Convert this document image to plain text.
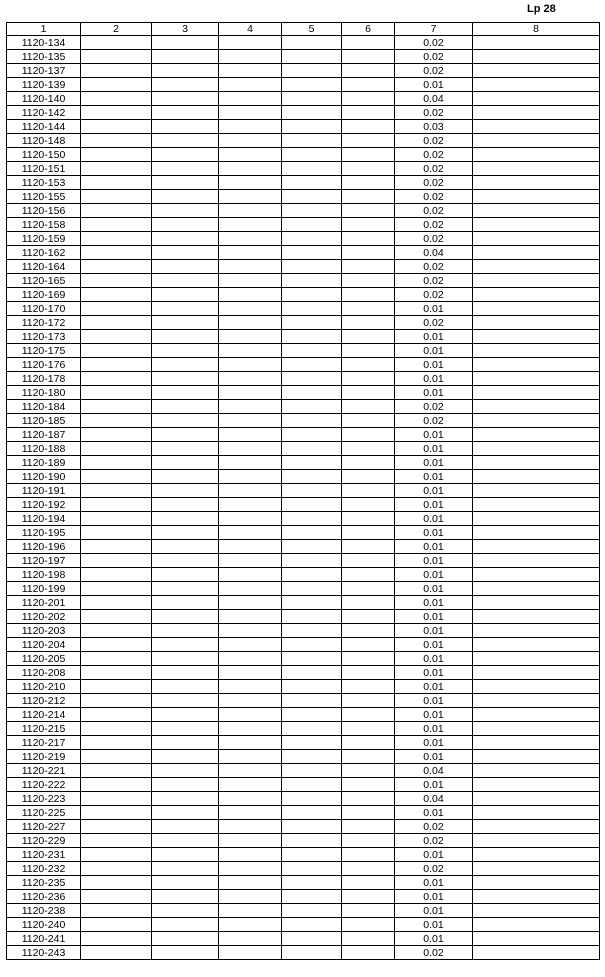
Lp 28
1	2	3	4	5	6	7	8
1120-134						0.02	
1120-135						0.02	
1120-137						0.02	
1120-139						0.01	
1120-140						0.04	
1120-142						0.02	
1120-144						0.03	
1120-148						0.02	
1120-150						0.02	
1120-151						0.02	
1120-153						0.02	
1120-155						0.02	
1120-156						0.02	
1120-158						0.02	
1120-159						0.02	
1120-162						0.04	
1120-164						0.02	
1120-165						0.02	
1120-169						0.02	
1120-170						0.01	
1120-172						0.02	
1120-173						0.01	
1120-175						0.01	
1120-176						0.01	
1120-178						0.01	
1120-180						0.01	
1120-184						0.02	
1120-185						0.02	
1120-187						0.01	
1120-188						0.01	
1120-189						0.01	
1120-190						0.01	
1120-191						0.01	
1120-192						0.01	
1120-194						0.01	
1120-195						0.01	
1120-196						0.01	
1120-197						0.01	
1120-198						0.01	
1120-199						0.01	
1120-201						0.01	
1120-202						0.01	
1120-203						0.01	
1120-204						0.01	
1120-205						0.01	
1120-208						0.01	
1120-210						0.01	
1120-212						0.01	
1120-214						0.01	
1120-215						0.01	
1120-217						0.01	
1120-219						0.01	
1120-221						0.04	
1120-222						0.01	
1120-223						0.04	
1120-225						0.01	
1120-227						0.02	
1120-229						0.02	
1120-231						0.01	
1120-232						0.02	
1120-235						0.01	
1120-236						0.01	
1120-238						0.01	
1120-240						0.01	
1120-241						0.01	
1120-243						0.02	
